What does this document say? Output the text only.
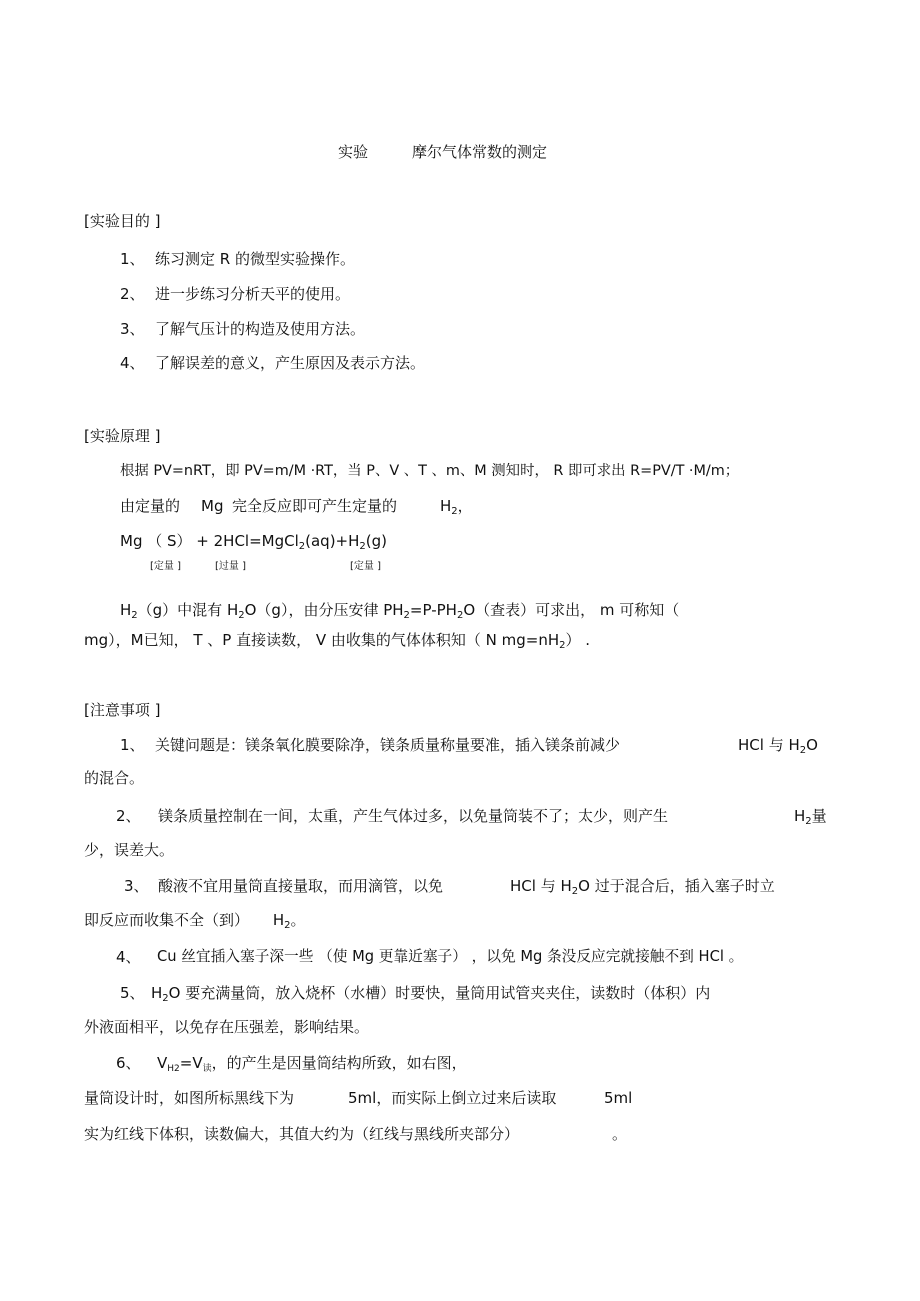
实验	摩尔气体常数的测定
[实验目的 ]
1、 练习测定 R 的微型实验操作。
2、 进一步练习分析天平的使用。
3、 了解气压计的构造及使用方法。
4、 了解误差的意义，产生原因及表示方法。
[实验原理 ]
根据 PV=nRT，即 PV=m/M ·RT，当 P、V 、T 、m、M 测知时， R 即可求出 R=PV/T ·M/m；
由定量的 Mg 完全反应即可产生定量的	$H_2$，
Mg （ $S) + 2HCl=MgCl_2(aq)+H_2(g)$
[定量 ]	[过量 ]	[定量 ]
$H_2(g)$中混有 $H_2O(g)$，由分压安律 $PH_2=P-PH_2O$（查表）可求出， m 可称知（
mg），M已知， T 、P 直接读数， V 由收集的气体体积知（ N $mg=nH_2$） .
[注意事项 ]
1、 关键问题是：镁条氧化膜要除净，镁条质量称量要准，插入镁条前减少	HCl 与 $H_2O$
的混合。
2、 镁条质量控制在一间，太重，产生气体过多，以免量筒装不了；太少，则产生	$H_2$量
少，误差大。
3、 酸液不宜用量筒直接量取，而用滴管，以免	HCl 与 $H_2O$ 过于混合后，插入塞子时立
即反应而收集不全（到） $H_2$。
4、 Cu 丝宜插入塞子深一些 （使 Mg 更靠近塞子） ，以免 Mg 条没反应完就接触不到 HCl 。
5、 $H_2O$ 要充满量筒，放入烧杯（水槽）时要快，量筒用试管夹夹住，读数时（体积）内
外液面相平，以免存在压强差，影响结果。
6、 $V_{H2}=V_读$，的产生是因量筒结构所致，如右图，
量筒设计时，如图所标黑线下为	5ml，而实际上倒立过来后读取	5ml
实为红线下体积，读数偏大，其值大约为（红线与黑线所夹部分）	。
